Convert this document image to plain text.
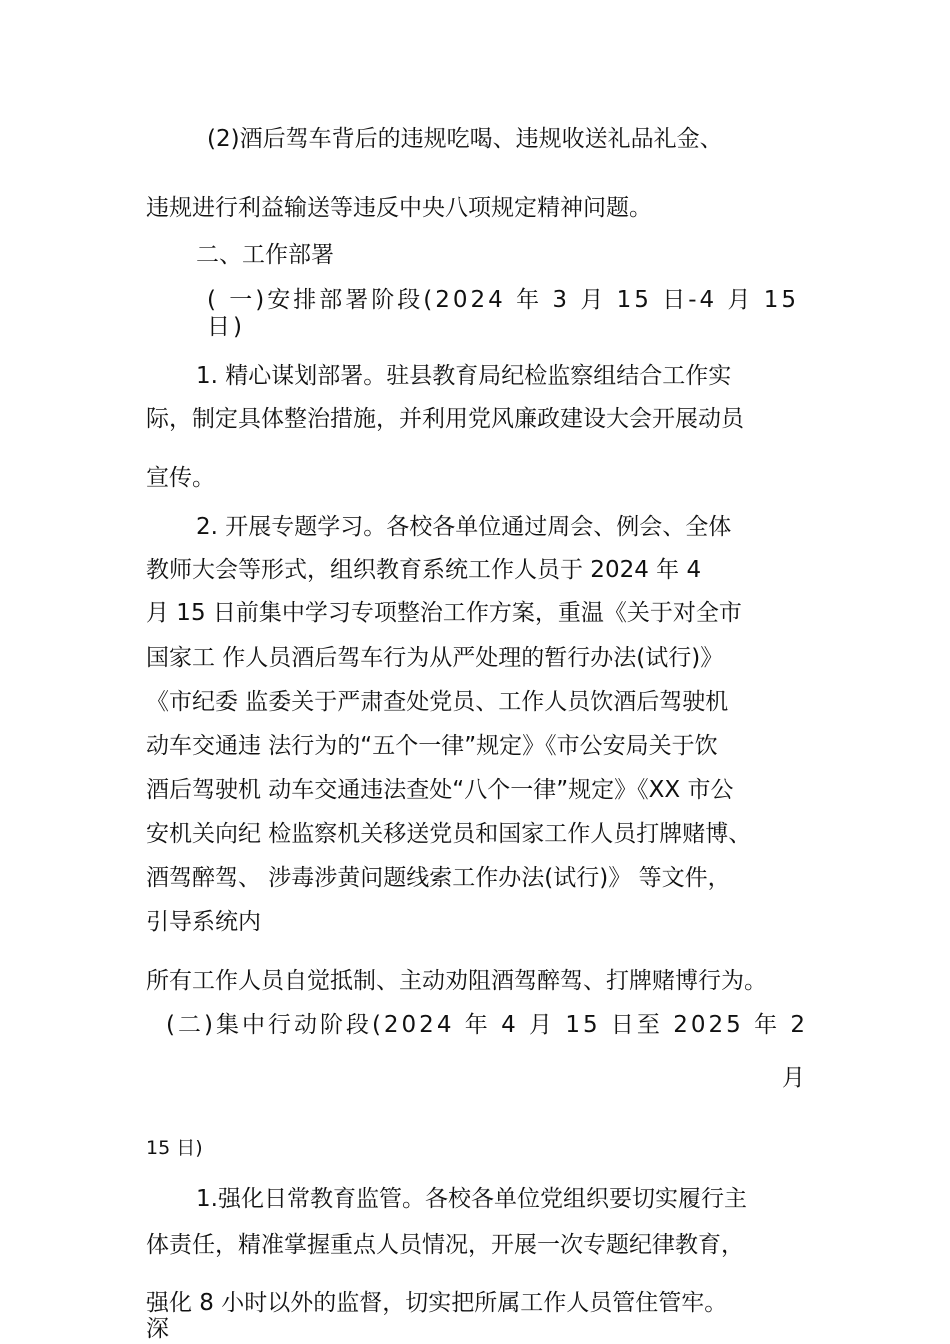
(2)酒后驾车背后的违规吃喝、违规收送礼品礼金、
违规进行利益输送等违反中央八项规定精神问题。
二、工作部署
( 一)安排部署阶段(2024 年 3 月 15 日-4 月 15
日)
1. 精心谋划部署。驻县教育局纪检监察组结合工作实
际，制定具体整治措施，并利用党风廉政建设大会开展动员
宣传。
2. 开展专题学习。各校各单位通过周会、例会、全体
教师大会等形式，组织教育系统工作人员于 2024 年 4
月 15 日前集中学习专项整治工作方案，重温《关于对全市
国家工 作人员酒后驾车行为从严处理的暂行办法(试行)》
《市纪委 监委关于严肃查处党员、工作人员饮酒后驾驶机
动车交通违 法行为的“五个一律”规定》《市公安局关于饮
酒后驾驶机 动车交通违法查处“八个一律”规定》《XX 市公
安机关向纪 检监察机关移送党员和国家工作人员打牌赌博、
酒驾醉驾、 涉毒涉黄问题线索工作办法(试行)》 等文件，
引导系统内
所有工作人员自觉抵制、主动劝阻酒驾醉驾、打牌赌博行为。
(二)集中行动阶段(2024 年 4 月 15 日至 2025 年 2
月
15 日)
1.强化日常教育监管。各校各单位党组织要切实履行主
体责任，精准掌握重点人员情况，开展一次专题纪律教育，
强化 8 小时以外的监督，切实把所属工作人员管住管牢。
深
